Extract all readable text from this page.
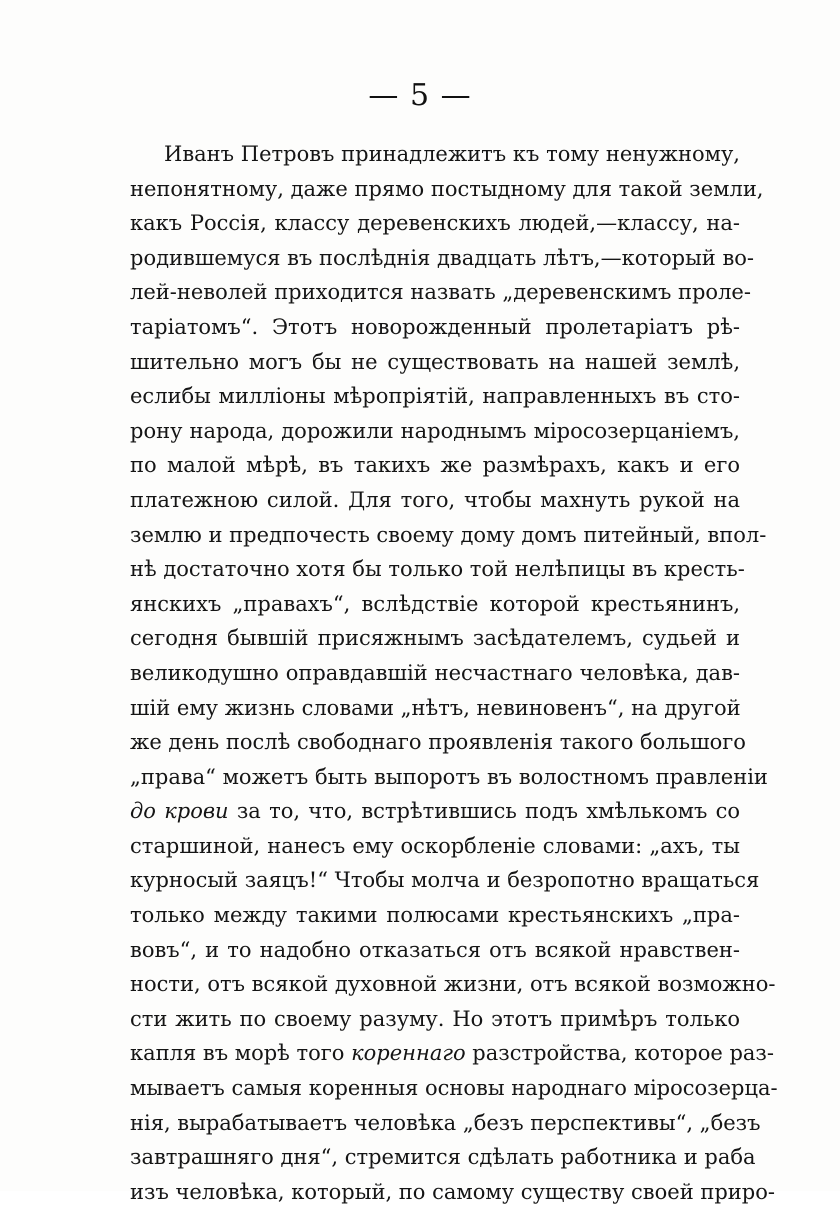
— 5 —
Иванъ Петровъ принадлежитъ къ тому ненужному,
непонятному, даже прямо постыдному для такой земли,
какъ Россія, классу деревенскихъ людей,—классу, на-
родившемуся въ послѣднія двадцать лѣтъ,—который во-
лей-неволей приходится назвать „деревенскимъ проле-
таріатомъ“. Этотъ новорожденный пролетаріатъ рѣ-
шительно могъ бы не существовать на нашей землѣ,
еслибы милліоны мѣропріятій, направленныхъ въ сто-
рону народа, дорожили народнымъ міросозерцаніемъ,
по малой мѣрѣ, въ такихъ же размѣрахъ, какъ и его
платежною силой. Для того, чтобы махнуть рукой на
землю и предпочесть своему дому домъ питейный, впол-
нѣ достаточно хотя бы только той нелѣпицы въ кресть-
янскихъ „правахъ“, вслѣдствіе которой крестьянинъ,
сегодня бывшій присяжнымъ засѣдателемъ, судьей и
великодушно оправдавшій несчастнаго человѣка, дав-
шій ему жизнь словами „нѣтъ, невиновенъ“, на другой
же день послѣ свободнаго проявленія такого большого
„права“ можетъ быть выпоротъ въ волостномъ правленіи
до крови за то, что, встрѣтившись подъ хмѣлькомъ со
старшиной, нанесъ ему оскорбленіе словами: „ахъ, ты
курносый заяцъ!“ Чтобы молча и безропотно вращаться
только между такими полюсами крестьянскихъ „пра-
вовъ“, и то надобно отказаться отъ всякой нравствен-
ности, отъ всякой духовной жизни, отъ всякой возможно-
сти жить по своему разуму. Но этотъ примѣръ только
капля въ морѣ того кореннаго разстройства, которое раз-
мываетъ самыя коренныя основы народнаго міросозерца-
нія, вырабатываетъ человѣка „безъ перспективы“, „безъ
завтрашняго дня“, стремится сдѣлать работника и раба
изъ человѣка, который, по самому существу своей приро-
